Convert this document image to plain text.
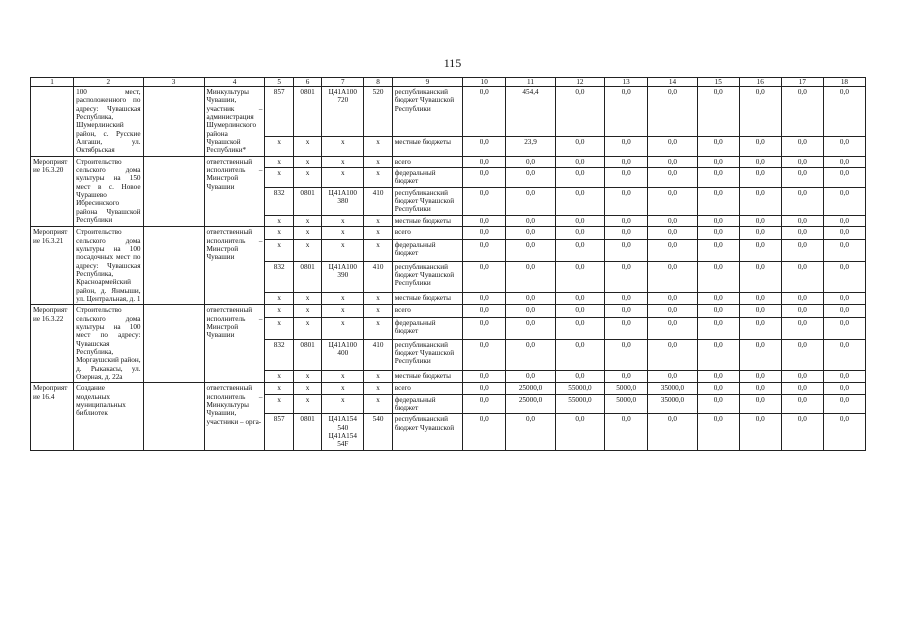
115
1	2	3	4	5	6	7	8	9	10	11	12	13	14	15	16	17	18
	100 мест, расположенного по адресу: Чувашская Республика, Шумерлинский район, с. Русские Алгаши, ул. Октябрьская		Минкультуры Чувашии, участник – администрация Шумерлинского района Чувашской Республики*	857	0801	Ц41А100 720	520	республиканский бюджет Чувашской Республики	0,0	454,4	0,0	0,0	0,0	0,0	0,0	0,0	0,0
				x	x	x	x	местные бюджеты	0,0	23,9	0,0	0,0	0,0	0,0	0,0	0,0	0,0
Мероприятие 16.3.20	Строительство сельского дома культуры на 150 мест в с. Новое Чурашево Ибресинского района Чувашской Республики		ответственный исполнитель – Минстрой Чувашии	x	x	x	x	всего	0,0	0,0	0,0	0,0	0,0	0,0	0,0	0,0	0,0
				x	x	x	x	федеральный бюджет	0,0	0,0	0,0	0,0	0,0	0,0	0,0	0,0	0,0
				832	0801	Ц41А100 380	410	республиканский бюджет Чувашской Республики	0,0	0,0	0,0	0,0	0,0	0,0	0,0	0,0	0,0
				x	x	x	x	местные бюджеты	0,0	0,0	0,0	0,0	0,0	0,0	0,0	0,0	0,0
Мероприятие 16.3.21	Строительство сельского дома культуры на 100 посадочных мест по адресу: Чувашская Республика, Красноармейский район, д. Янмыши, ул. Центральная, д. 1		ответственный исполнитель – Минстрой Чувашии	x	x	x	x	всего	0,0	0,0	0,0	0,0	0,0	0,0	0,0	0,0	0,0
				x	x	x	x	федеральный бюджет	0,0	0,0	0,0	0,0	0,0	0,0	0,0	0,0	0,0
				832	0801	Ц41А100 390	410	республиканский бюджет Чувашской Республики	0,0	0,0	0,0	0,0	0,0	0,0	0,0	0,0	0,0
				x	x	x	x	местные бюджеты	0,0	0,0	0,0	0,0	0,0	0,0	0,0	0,0	0,0
Мероприятие 16.3.22	Строительство сельского дома культуры на 100 мест по адресу: Чувашская Республика, Моргаушский район, д. Рыкакасы, ул. Озерная, д. 22а		ответственный исполнитель – Минстрой Чувашии	x	x	x	x	всего	0,0	0,0	0,0	0,0	0,0	0,0	0,0	0,0	0,0
				x	x	x	x	федеральный бюджет	0,0	0,0	0,0	0,0	0,0	0,0	0,0	0,0	0,0
				832	0801	Ц41А100 400	410	республиканский бюджет Чувашской Республики	0,0	0,0	0,0	0,0	0,0	0,0	0,0	0,0	0,0
				x	x	x	x	местные бюджеты	0,0	0,0	0,0	0,0	0,0	0,0	0,0	0,0	0,0
Мероприятие 16.4	Создание модельных муниципальных библиотек		ответственный исполнитель – Минкультуры Чувашии, участники – орга-	x	x	x	x	всего	0,0	25000,0	55000,0	5000,0	35000,0	0,0	0,0	0,0	0,0
				x	x	x	x	федеральный бюджет	0,0	25000,0	55000,0	5000,0	35000,0	0,0	0,0	0,0	0,0
				857	0801	Ц41А154 540 Ц41А154 54F	540	республиканский бюджет Чувашской	0,0	0,0	0,0	0,0	0,0	0,0	0,0	0,0	0,0
